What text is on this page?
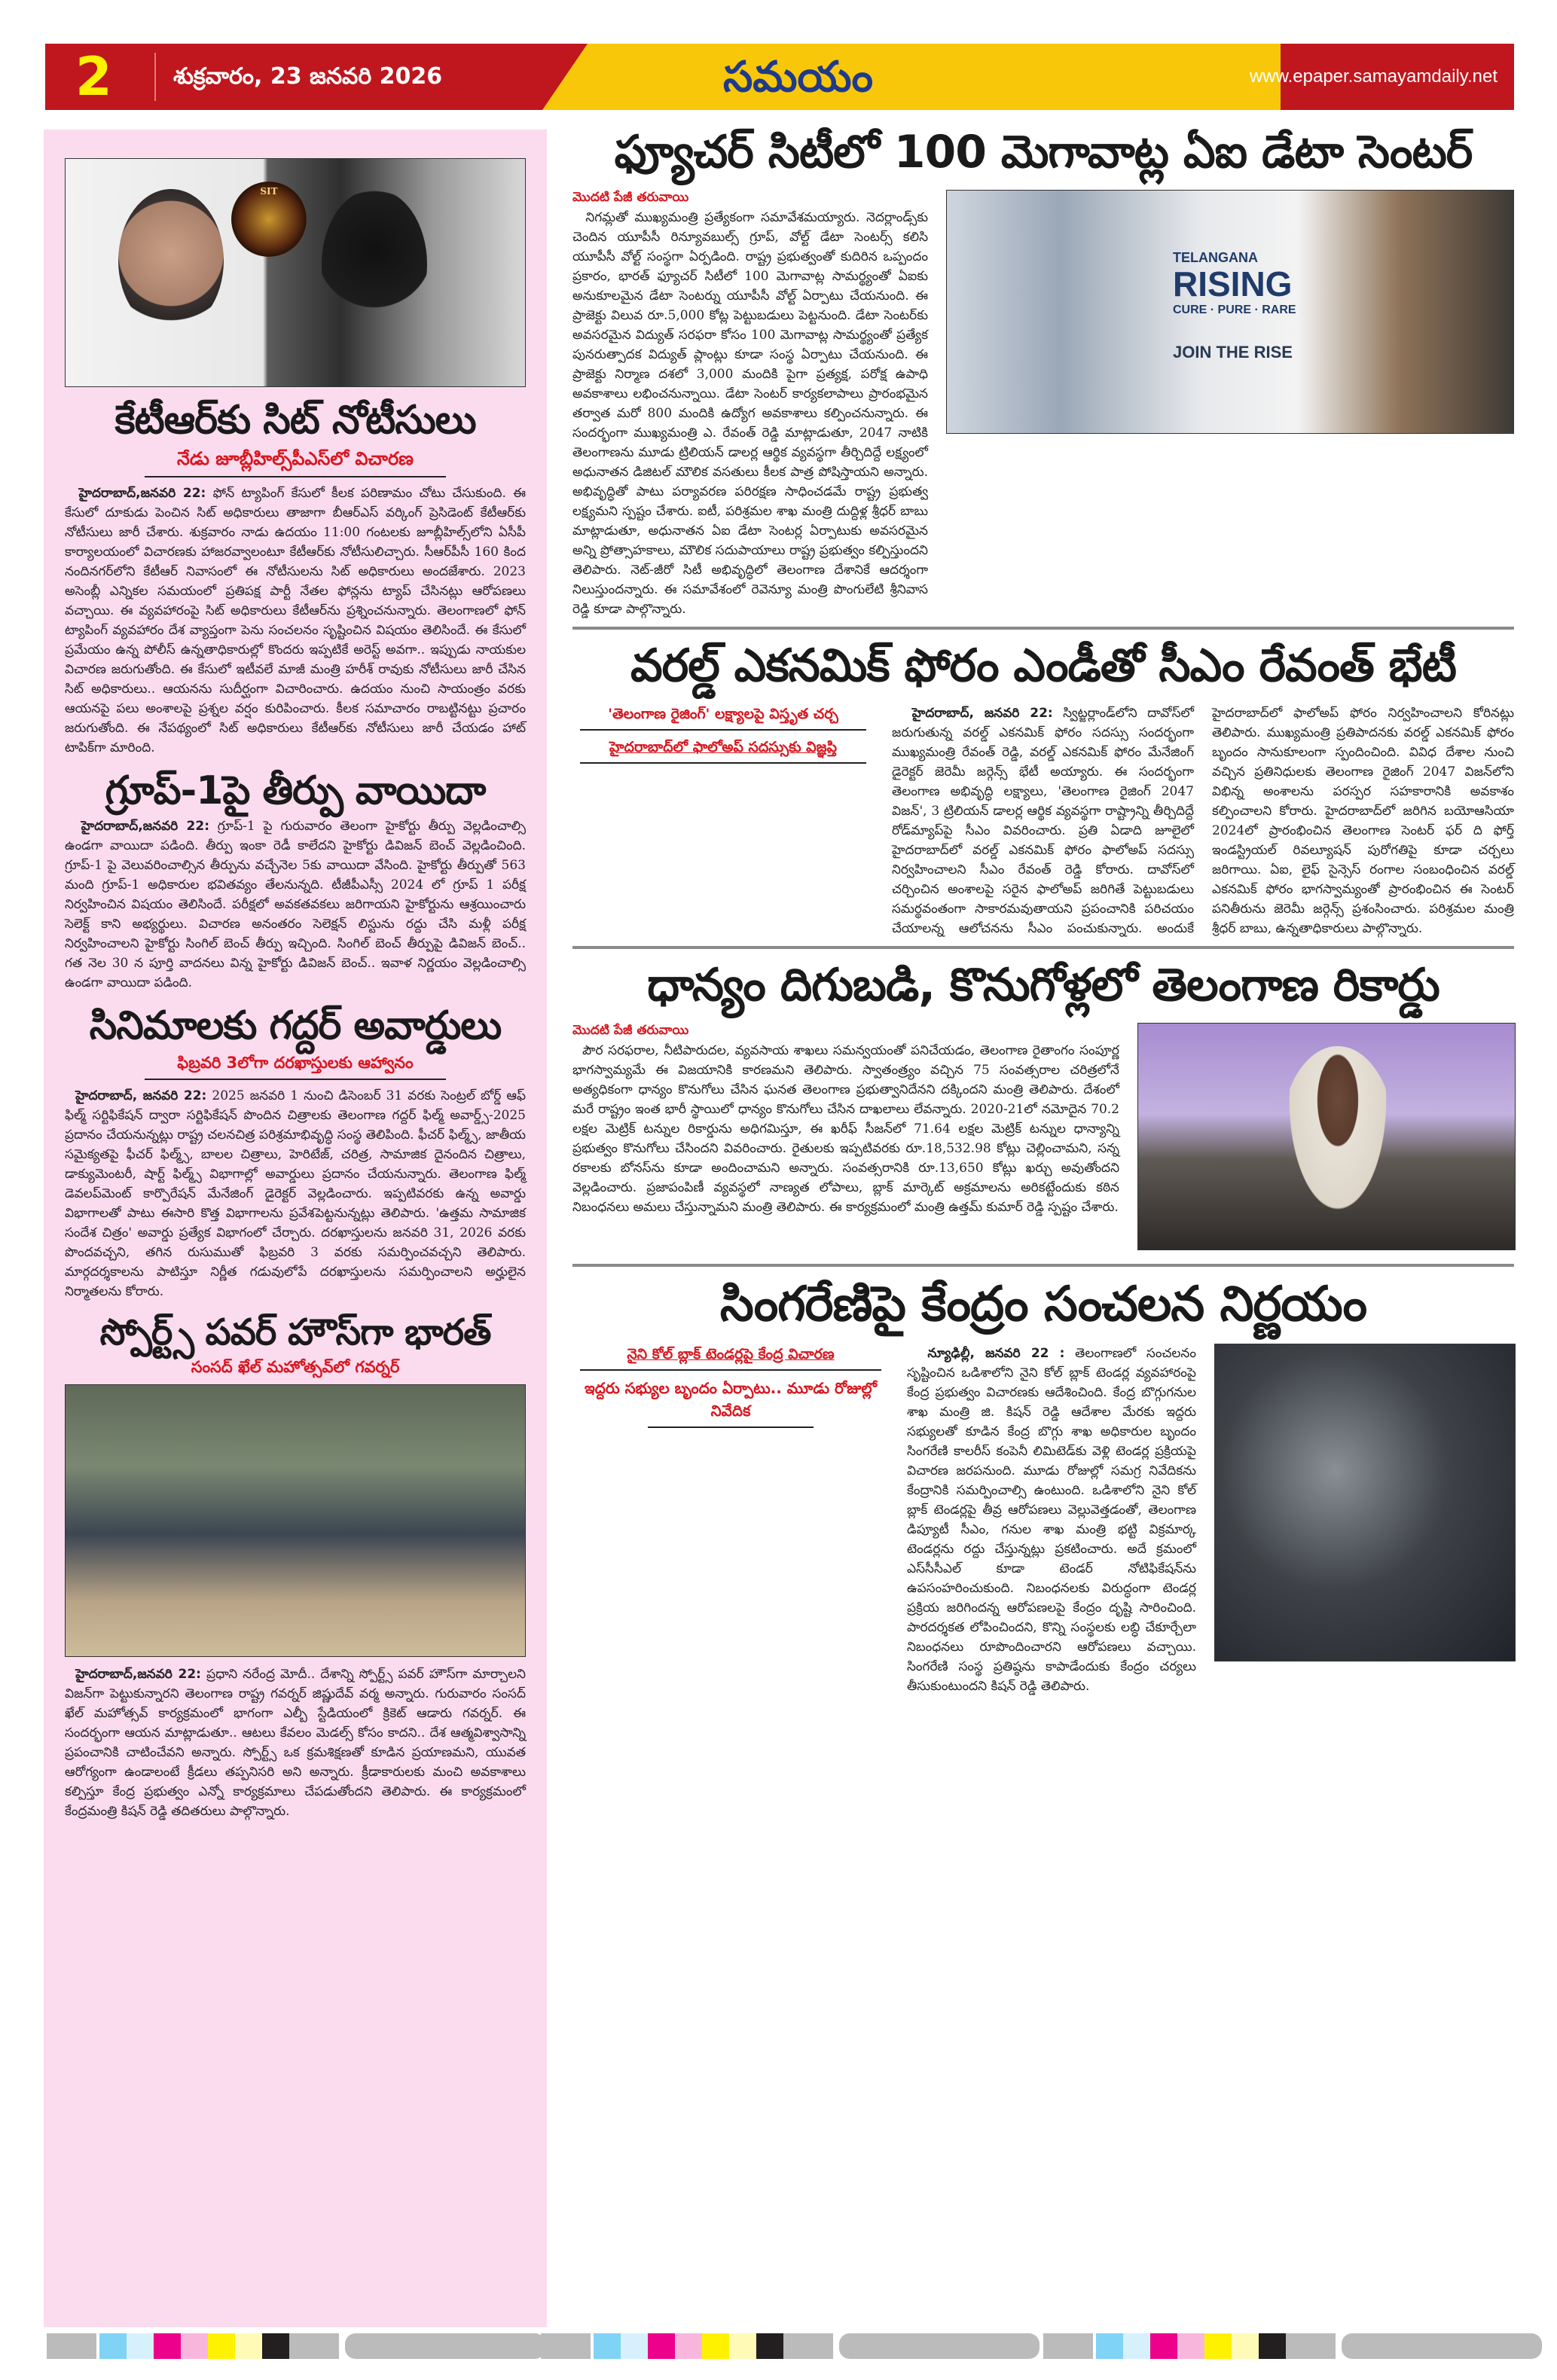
2	శుక్రవారం, 23 జనవరి 2026	సమయం	www.epaper.samayamdaily.net
SIT
కేటీఆర్‌కు సిట్ నోటీసులు
నేడు జూబ్లీహిల్స్‌పీఎస్‌లో విచారణ

హైదరాబాద్,జనవరి 22: ఫోన్ ట్యాపింగ్ కేసులో కీలక పరిణామం చోటు చేసుకుంది. ఈ కేసులో దూకుడు పెంచిన సిట్ అధికారులు తాజాగా బీఆర్‌ఎస్ వర్కింగ్ ప్రెసిడెంట్ కేటీఆర్‌కు నోటీసులు జారీ చేశారు. శుక్రవారం నాడు ఉదయం 11:00 గంటలకు జూబ్లీహిల్స్‌లోని ఏసీపీ కార్యాలయంలో విచారణకు హాజరవ్వాలంటూ కేటీఆర్‌కు నోటీసులిచ్చారు. సీఆర్‌పీసీ 160 కింద నందినగర్‌లోని కేటీఆర్ నివాసంలో ఈ నోటీసులను సిట్ అధికారులు అందజేశారు. 2023 అసెంబ్లీ ఎన్నికల సమయంలో ప్రతిపక్ష పార్టీ నేతల ఫోన్లను ట్యాప్ చేసినట్లు ఆరోపణలు వచ్చాయి. ఈ వ్యవహారంపై సిట్ అధికారులు కేటీఆర్‌ను ప్రశ్నించనున్నారు. తెలంగాణలో ఫోన్ ట్యాపింగ్ వ్యవహారం దేశ వ్యాప్తంగా పెను సంచలనం సృష్టించిన విషయం తెలిసిందే. ఈ కేసులో ప్రమేయం ఉన్న పోలీస్ ఉన్నతాధికారుల్లో కొందరు ఇప్పటికే అరెస్ట్ అవగా.. ఇప్పుడు నాయకుల విచారణ జరుగుతోంది. ఈ కేసులో ఇటీవలే మాజీ మంత్రి హరీశ్ రావుకు నోటీసులు జారీ చేసిన సిట్ అధికారులు.. ఆయనను సుదీర్ఘంగా విచారించారు. ఉదయం నుంచి సాయంత్రం వరకు ఆయనపై పలు అంశాలపై ప్రశ్నల వర్షం కురిపించారు. కీలక సమాచారం రాబట్టినట్టు ప్రచారం జరుగుతోంది. ఈ నేపథ్యంలో సిట్ అధికారులు కేటీఆర్‌కు నోటీసులు జారీ చేయడం హాట్ టాపిక్‌గా మారింది.

గ్రూప్-1పై తీర్పు వాయిదా

హైదరాబాద్,జనవరి 22: గ్రూప్-1 పై గురువారం తెలంగా హైకోర్టు తీర్పు వెల్లడించాల్సి ఉండగా వాయిదా పడింది. తీర్పు ఇంకా రెడీ కాలేదని హైకోర్టు డివిజన్ బెంచ్ వెల్లడించింది. గ్రూప్-1 పై వెలువరించాల్సిన తీర్పును వచ్చేనెల 5కు వాయిదా వేసింది. హైకోర్టు తీర్పుతో 563 మంది గ్రూప్-1 అధికారుల భవితవ్యం తేలనున్నది. టీజీపీఎస్సీ 2024 లో గ్రూప్ 1 పరీక్ష నిర్వహించిన విషయం తెలిసిందే. పరీక్షలో అవకతవకలు జరిగాయని హైకోర్టును ఆశ్రయించారు సెలెక్ట్ కాని అభ్యర్థులు. విచారణ అనంతరం సెలెక్షన్ లిస్టును రద్దు చేసి మళ్లీ పరీక్ష నిర్వహించాలని హైకోర్టు సింగిల్ బెంచ్ తీర్పు ఇచ్చింది. సింగిల్ బెంచ్ తీర్పుపై డివిజన్ బెంచ్.. గత నెల 30 న పూర్తి వాదనలు విన్న హైకోర్టు డివిజన్ బెంచ్.. ఇవాళ నిర్ణయం వెల్లడించాల్సి ఉండగా వాయిదా పడింది.

సినిమాలకు గద్దర్ అవార్డులు
ఫిబ్రవరి 3లోగా దరఖాస్తులకు ఆహ్వానం

హైదరాబాద్, జనవరి 22: 2025 జనవరి 1 నుంచి డిసెంబర్ 31 వరకు సెంట్రల్ బోర్డ్ ఆఫ్ ఫిల్మ్ సర్టిఫికేషన్ ద్వారా సర్టిఫికేషన్ పొందిన చిత్రాలకు తెలంగాణ గద్దర్ ఫిల్మ్ అవార్డ్స్-2025 ప్రదానం చేయనున్నట్లు రాష్ట్ర చలనచిత్ర పరిశ్రమాభివృద్ధి సంస్థ తెలిపింది. ఫీచర్ ఫిల్మ్స్, జాతీయ సమైక్యతపై ఫీచర్ ఫిల్మ్స్, బాలల చిత్రాలు, హెరిటేజ్, చరిత్ర, సామాజిక దైనందిన చిత్రాలు, డాక్యుమెంటరీ, షార్ట్ ఫిల్మ్స్ విభాగాల్లో అవార్డులు ప్రదానం చేయనున్నారు. తెలంగాణ ఫిల్మ్ డెవలప్‌మెంట్ కార్పొరేషన్ మేనేజింగ్ డైరెక్టర్ వెల్లడించారు. ఇప్పటివరకు ఉన్న అవార్డు విభాగాలతో పాటు ఈసారి కొత్త విభాగాలను ప్రవేశపెట్టనున్నట్లు తెలిపారు. 'ఉత్తమ సామాజిక సందేశ చిత్రం' అవార్డు ప్రత్యేక విభాగంలో చేర్చారు. దరఖాస్తులను జనవరి 31, 2026 వరకు పొందవచ్చని, తగిన రుసుముతో ఫిబ్రవరి 3 వరకు సమర్పించవచ్చని తెలిపారు. మార్గదర్శకాలను పాటిస్తూ నిర్ణీత గడువులోపే దరఖాస్తులను సమర్పించాలని అర్హులైన నిర్మాతలను కోరారు.

స్పోర్ట్స్ పవర్ హౌస్‌గా భారత్
సంసద్ ఖేల్ మహోత్సవ్‌లో గవర్నర్

హైదరాబాద్,జనవరి 22: ప్రధాని నరేంద్ర మోదీ.. దేశాన్ని స్పోర్ట్స్ పవర్ హౌస్‌గా మార్చాలని విజన్‌గా పెట్టుకున్నారని తెలంగాణ రాష్ట్ర గవర్నర్ జిష్ణుదేవ్ వర్మ అన్నారు. గురువారం సంసద్ ఖేల్ మహోత్సవ్ కార్యక్రమంలో భాగంగా ఎల్బీ స్టేడియంలో క్రికెట్ ఆడారు గవర్నర్. ఈ సందర్భంగా ఆయన మాట్లాడుతూ.. ఆటలు కేవలం మెడల్స్ కోసం కాదని.. దేశ ఆత్మవిశ్వాసాన్ని ప్రపంచానికి చాటించేవని అన్నారు. స్పోర్ట్స్ ఒక క్రమశిక్షణతో కూడిన ప్రయాణమని, యువత ఆరోగ్యంగా ఉండాలంటే క్రీడలు తప్పనిసరి అని అన్నారు. క్రీడాకారులకు మంచి అవకాశాలు కల్పిస్తూ కేంద్ర ప్రభుత్వం ఎన్నో కార్యక్రమాలు చేపడుతోందని తెలిపారు. ఈ కార్యక్రమంలో కేంద్రమంత్రి కిషన్ రెడ్డి తదితరులు పాల్గొన్నారు.

ఫ్యూచర్ సిటీలో 100 మెగావాట్ల ఏఐ డేటా సెంటర్
మొదటి పేజీ తరువాయి

నిగమ్లతో ముఖ్యమంత్రి ప్రత్యేకంగా సమావేశమయ్యారు. నెదర్లాండ్స్‌కు చెందిన యూపీసీ రిన్యూవబుల్స్ గ్రూప్, వోల్ట్ డేటా సెంటర్స్ కలిసి యూపీసీ వోల్ట్ సంస్థగా ఏర్పడింది. రాష్ట్ర ప్రభుత్వంతో కుదిరిన ఒప్పందం ప్రకారం, భారత్ ఫ్యూచర్ సిటీలో 100 మెగావాట్ల సామర్థ్యంతో ఏఐకు అనుకూలమైన డేటా సెంటర్ను యూపీసీ వోల్ట్ ఏర్పాటు చేయనుంది. ఈ ప్రాజెక్టు విలువ రూ.5,000 కోట్ల పెట్టుబడులు పెట్టనుంది. డేటా సెంటర్‌కు అవసరమైన విద్యుత్ సరఫరా కోసం 100 మెగావాట్ల సామర్థ్యంతో ప్రత్యేక పునరుత్పాదక విద్యుత్ ప్లాంట్లు కూడా సంస్థ ఏర్పాటు చేయనుంది. ఈ ప్రాజెక్టు నిర్మాణ దశలో 3,000 మందికి పైగా ప్రత్యక్ష, పరోక్ష ఉపాధి అవకాశాలు లభించనున్నాయి. డేటా సెంటర్ కార్యకలాపాలు ప్రారంభమైన తర్వాత మరో 800 మందికి ఉద్యోగ అవకాశాలు కల్పించనున్నారు. ఈ సందర్భంగా ముఖ్యమంత్రి ఎ. రేవంత్ రెడ్డి మాట్లాడుతూ, 2047 నాటికి తెలంగాణను మూడు ట్రిలియన్ డాలర్ల ఆర్థిక వ్యవస్థగా తీర్చిదిద్దే లక్ష్యంలో అధునాతన డిజిటల్ మౌలిక వసతులు కీలక పాత్ర పోషిస్తాయని అన్నారు. అభివృద్ధితో పాటు పర్యావరణ పరిరక్షణ సాధించడమే రాష్ట్ర ప్రభుత్వ లక్ష్యమని స్పష్టం చేశారు. ఐటీ, పరిశ్రమల శాఖ మంత్రి దుద్దిళ్ల శ్రీధర్ బాబు మాట్లాడుతూ, అధునాతన ఏఐ డేటా సెంటర్ల ఏర్పాటుకు అవసరమైన అన్ని ప్రోత్సాహకాలు, మౌలిక సదుపాయాలు రాష్ట్ర ప్రభుత్వం కల్పిస్తుందని తెలిపారు. నెట్-జీరో సిటీ అభివృద్ధిలో తెలంగాణ దేశానికే ఆదర్శంగా నిలుస్తుందన్నారు. ఈ సమావేశంలో రెవెన్యూ మంత్రి పొంగులేటి శ్రీనివాస రెడ్డి కూడా పాల్గొన్నారు.

TELANGANA
RISING
CURE · PURE · RARE
JOIN THE RISE
వరల్డ్ ఎకనమిక్ ఫోరం ఎండీతో సీఎం రేవంత్ భేటీ
'తెలంగాణ రైజింగ్' లక్ష్యాలపై విస్తృత చర్చ
హైదరాబాద్‌లో ఫాలోఅప్ సదస్సుకు విజ్ఞప్తి

హైదరాబాద్, జనవరి 22: స్విట్జర్లాండ్‌లోని దావోస్‌లో జరుగుతున్న వరల్డ్ ఎకనమిక్ ఫోరం సదస్సు సందర్భంగా ముఖ్యమంత్రి రేవంత్ రెడ్డి, వరల్డ్ ఎకనమిక్ ఫోరం మేనేజింగ్ డైరెక్టర్ జెరెమీ జర్గెన్స్ భేటీ అయ్యారు. ఈ సందర్భంగా తెలంగాణ అభివృద్ధి లక్ష్యాలు, 'తెలంగాణ రైజింగ్ 2047 విజన్', 3 ట్రిలియన్ డాలర్ల ఆర్థిక వ్యవస్థగా రాష్ట్రాన్ని తీర్చిదిద్దే రోడ్‌మ్యాప్‌పై సీఎం వివరించారు. ప్రతి ఏడాది జూలైలో హైదరాబాద్‌లో వరల్డ్ ఎకనమిక్ ఫోరం ఫాలోఅప్ సదస్సు నిర్వహించాలని సీఎం రేవంత్ రెడ్డి కోరారు. దావోస్‌లో చర్చించిన అంశాలపై సరైన ఫాలోఅప్ జరిగితే పెట్టుబడులు సమర్థవంతంగా సాకారమవుతాయని ప్రపంచానికి పరిచయం చేయాలన్న ఆలోచనను సీఎం పంచుకున్నారు. అందుకే హైదరాబాద్‌లో ఫాలోఅప్ ఫోరం నిర్వహించాలని కోరినట్లు తెలిపారు. ముఖ్యమంత్రి ప్రతిపాదనకు వరల్డ్ ఎకనమిక్ ఫోరం బృందం సానుకూలంగా స్పందించింది. వివిధ దేశాల నుంచి వచ్చిన ప్రతినిధులకు తెలంగాణ రైజింగ్ 2047 విజన్‌లోని విభిన్న అంశాలను పరస్పర సహకారానికి అవకాశం కల్పించాలని కోరారు. హైదరాబాద్‌లో జరిగిన బయోఆసియా 2024లో ప్రారంభించిన తెలంగాణ సెంటర్ ఫర్ ది ఫోర్త్ ఇండస్ట్రియల్ రివల్యూషన్ పురోగతిపై కూడా చర్చలు జరిగాయి. ఏఐ, లైఫ్ సైన్సెస్ రంగాల సంబంధించిన వరల్డ్ ఎకనమిక్ ఫోరం భాగస్వామ్యంతో ప్రారంభించిన ఈ సెంటర్ పనితీరును జెరెమీ జర్గెన్స్ ప్రశంసించారు. పరిశ్రమల మంత్రి శ్రీధర్ బాబు, ఉన్నతాధికారులు పాల్గొన్నారు.

ధాన్యం దిగుబడి, కొనుగోళ్లలో తెలంగాణ రికార్డు
మొదటి పేజీ తరువాయి

పౌర సరఫరాల, నీటిపారుదల, వ్యవసాయ శాఖలు సమన్వయంతో పనిచేయడం, తెలంగాణ రైతాంగం సంపూర్ణ భాగస్వామ్యమే ఈ విజయానికి కారణమని తెలిపారు. స్వాతంత్ర్యం వచ్చిన 75 సంవత్సరాల చరిత్రలోనే అత్యధికంగా ధాన్యం కొనుగోలు చేసిన ఘనత తెలంగాణ ప్రభుత్వానిదేనని దక్కిందని మంత్రి తెలిపారు. దేశంలో మరే రాష్ట్రం ఇంత భారీ స్థాయిలో ధాన్యం కొనుగోలు చేసిన దాఖలాలు లేవన్నారు. 2020-21లో నమోదైన 70.2 లక్షల మెట్రిక్ టన్నుల రికార్డును అధిగమిస్తూ, ఈ ఖరీఫ్ సీజన్‌లో 71.64 లక్షల మెట్రిక్ టన్నుల ధాన్యాన్ని ప్రభుత్వం కొనుగోలు చేసిందని వివరించారు. రైతులకు ఇప్పటివరకు రూ.18,532.98 కోట్లు చెల్లించామని, సన్న రకాలకు బోనస్‌ను కూడా అందించామని అన్నారు. సంవత్సరానికి రూ.13,650 కోట్లు ఖర్చు అవుతోందని వెల్లడించారు. ప్రజాపంపిణీ వ్యవస్థలో నాణ్యత లోపాలు, బ్లాక్ మార్కెట్ అక్రమాలను అరికట్టేందుకు కఠిన నిబంధనలు అమలు చేస్తున్నామని మంత్రి తెలిపారు. ఈ కార్యక్రమంలో మంత్రి ఉత్తమ్ కుమార్ రెడ్డి స్పష్టం చేశారు.

సింగరేణిపై కేంద్రం సంచలన నిర్ణయం
నైని కోల్ బ్లాక్ టెండర్లపై కేంద్ర విచారణ
ఇద్దరు సభ్యుల బృందం ఏర్పాటు.. మూడు రోజుల్లో నివేదిక

న్యూఢిల్లీ, జనవరి 22 : తెలంగాణలో సంచలనం సృష్టించిన ఒడిశాలోని నైని కోల్ బ్లాక్ టెండర్ల వ్యవహారంపై కేంద్ర ప్రభుత్వం విచారణకు ఆదేశించింది. కేంద్ర బొగ్గుగనుల శాఖ మంత్రి జి. కిషన్ రెడ్డి ఆదేశాల మేరకు ఇద్దరు సభ్యులతో కూడిన కేంద్ర బొగ్గు శాఖ అధికారుల బృందం సింగరేణి కాలరీస్ కంపెనీ లిమిటెడ్‌కు వెళ్లి టెండర్ల ప్రక్రియపై విచారణ జరపనుంది. మూడు రోజుల్లో సమగ్ర నివేదికను కేంద్రానికి సమర్పించాల్సి ఉంటుంది. ఒడిశాలోని నైని కోల్ బ్లాక్ టెండర్లపై తీవ్ర ఆరోపణలు వెల్లువెత్తడంతో, తెలంగాణ డిప్యూటీ సీఎం, గనుల శాఖ మంత్రి భట్టి విక్రమార్క టెండర్లను రద్దు చేస్తున్నట్లు ప్రకటించారు. అదే క్రమంలో ఎస్‌సీసీఎల్ కూడా టెండర్ నోటిఫికేషన్‌ను ఉపసంహరించుకుంది. నిబంధనలకు విరుద్ధంగా టెండర్ల ప్రక్రియ జరిగిందన్న ఆరోపణలపై కేంద్రం దృష్టి సారించింది. పారదర్శకత లోపించిందని, కొన్ని సంస్థలకు లబ్ధి చేకూర్చేలా నిబంధనలు రూపొందించారని ఆరోపణలు వచ్చాయి. సింగరేణి సంస్థ ప్రతిష్ఠను కాపాడేందుకు కేంద్రం చర్యలు తీసుకుంటుందని కిషన్ రెడ్డి తెలిపారు.
